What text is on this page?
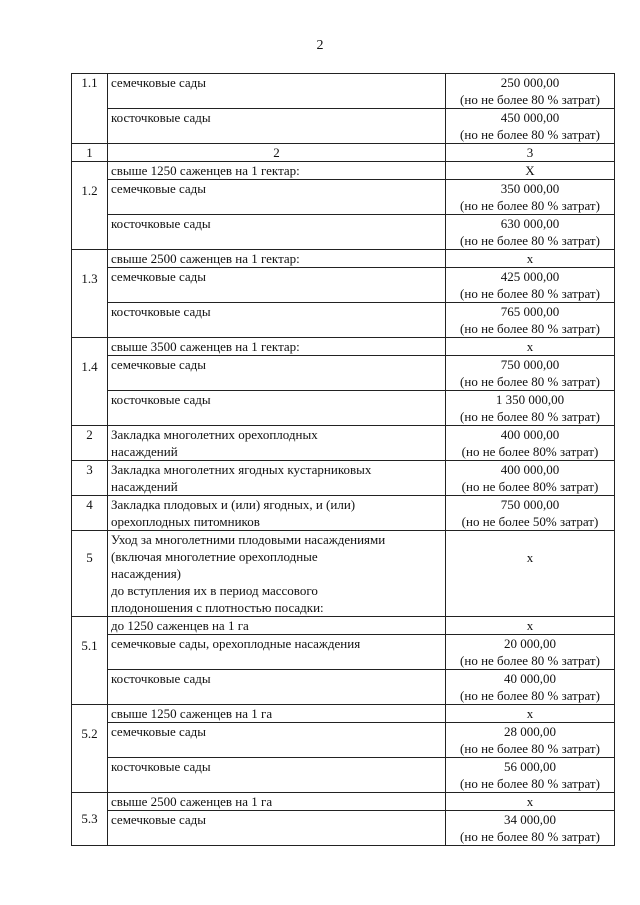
2
1.1	семечковые сады	250 000,00
(но не более 80 % затрат)

	косточковые сады	450 000,00
(но не более 80 % затрат)

1	2	3
1.2	свыше 1250 саженцев на 1 гектар:	Х
	семечковые сады	350 000,00
(но не более 80 % затрат)

	косточковые сады	630 000,00
(но не более 80 % затрат)

1.3	свыше 2500 саженцев на 1 гектар:	х
	семечковые сады	425 000,00
(но не более 80 % затрат)

	косточковые сады	765 000,00
(но не более 80 % затрат)

1.4	свыше 3500 саженцев на 1 гектар:	х
	семечковые сады	750 000,00
(но не более 80 % затрат)

	косточковые сады	1 350 000,00
(но не более 80 % затрат)

2	Закладка многолетних орехоплодных
насаждений	400 000,00
(но не более 80% затрат)

3	Закладка многолетних ягодных кустарниковых
насаждений	400 000,00
(но не более 80% затрат)

4	Закладка плодовых и (или) ягодных, и (или)
орехоплодных питомников	750 000,00
(но не более 50% затрат)

5	Уход за многолетними плодовыми насаждениями
(включая многолетние орехоплодные
насаждения)
до вступления их в период массового
плодоношения с плотностью посадки:	х
5.1	до 1250 саженцев на 1 га	х
	семечковые сады, орехоплодные насаждения	20 000,00
(но не более 80 % затрат)

	косточковые сады	40 000,00
(но не более 80 % затрат)

5.2	свыше 1250 саженцев на 1 га	х
	семечковые сады	28 000,00
(но не более 80 % затрат)

	косточковые сады	56 000,00
(но не более 80 % затрат)

5.3	свыше 2500 саженцев на 1 га	х
	семечковые сады	34 000,00
(но не более 80 % затрат)
